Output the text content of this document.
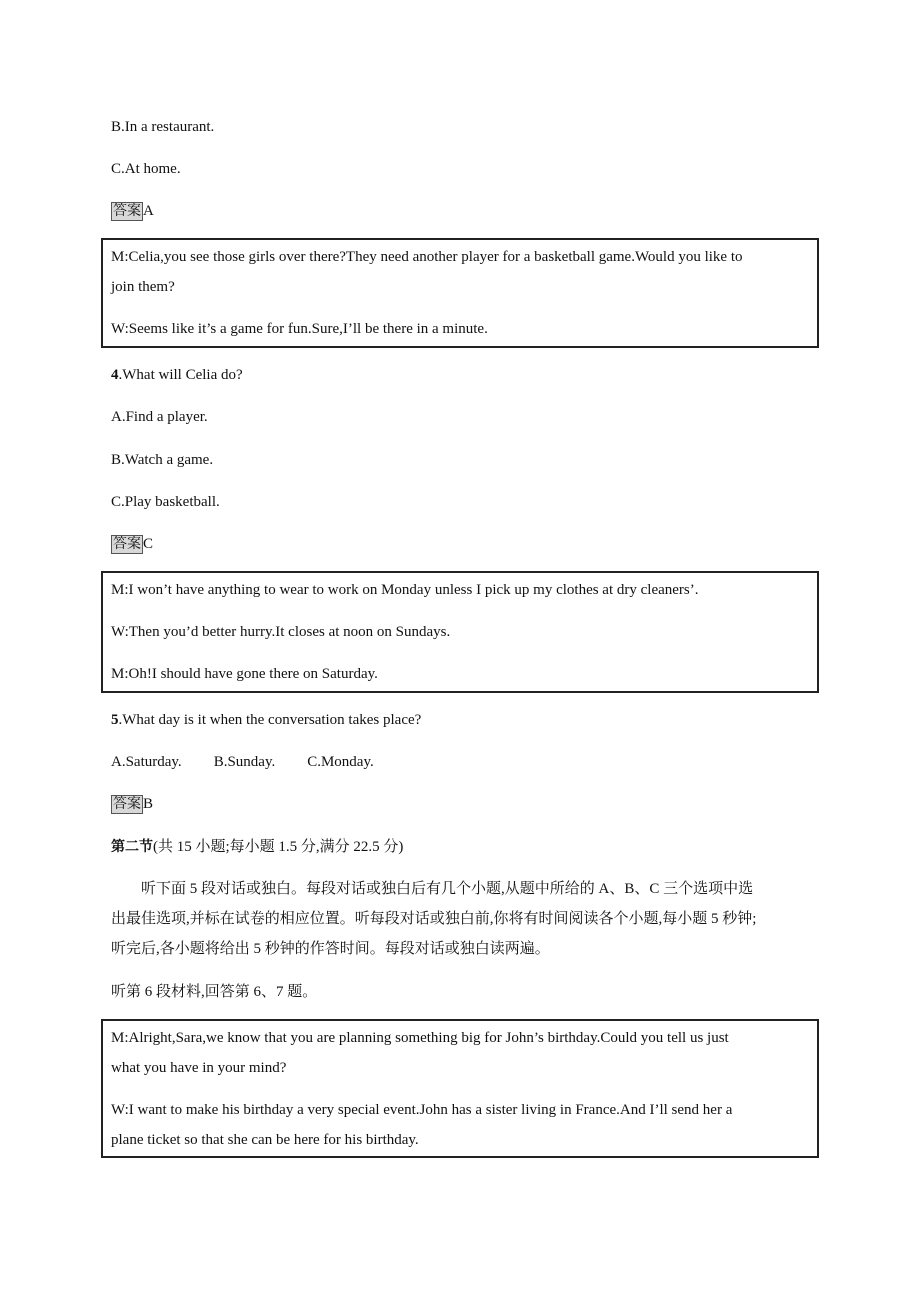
B.In a restaurant.
C.At home.
答案 A
M:Celia,you see those girls over there?They need another player for a basketball game.Would you like to
join them?
W:Seems like it’s a game for fun.Sure,I’ll be there in a minute.
4.What will Celia do?
A.Find a player.
B.Watch a game.
C.Play basketball.
答案 C
M:I won’t have anything to wear to work on Monday unless I pick up my clothes at dry cleaners’.
W:Then you’d better hurry.It closes at noon on Sundays.
M:Oh!I should have gone there on Saturday.
5.What day is it when the conversation takes place?
A.Saturday. B.Sunday. C.Monday.
答案 B
第二节(共 15 小题;每小题 1.5 分,满分 22.5 分)
听下面 5 段对话或独白。每段对话或独白后有几个小题,从题中所给的 A、B、C 三个选项中选
出最佳选项,并标在试卷的相应位置。听每段对话或独白前,你将有时间阅读各个小题,每小题 5 秒钟;
听完后,各小题将给出 5 秒钟的作答时间。每段对话或独白读两遍。
听第 6 段材料,回答第 6、7 题。
M:Alright,Sara,we know that you are planning something big for John’s birthday.Could you tell us just
what you have in your mind?
W:I want to make his birthday a very special event.John has a sister living in France.And I’ll send her a
plane ticket so that she can be here for his birthday.
